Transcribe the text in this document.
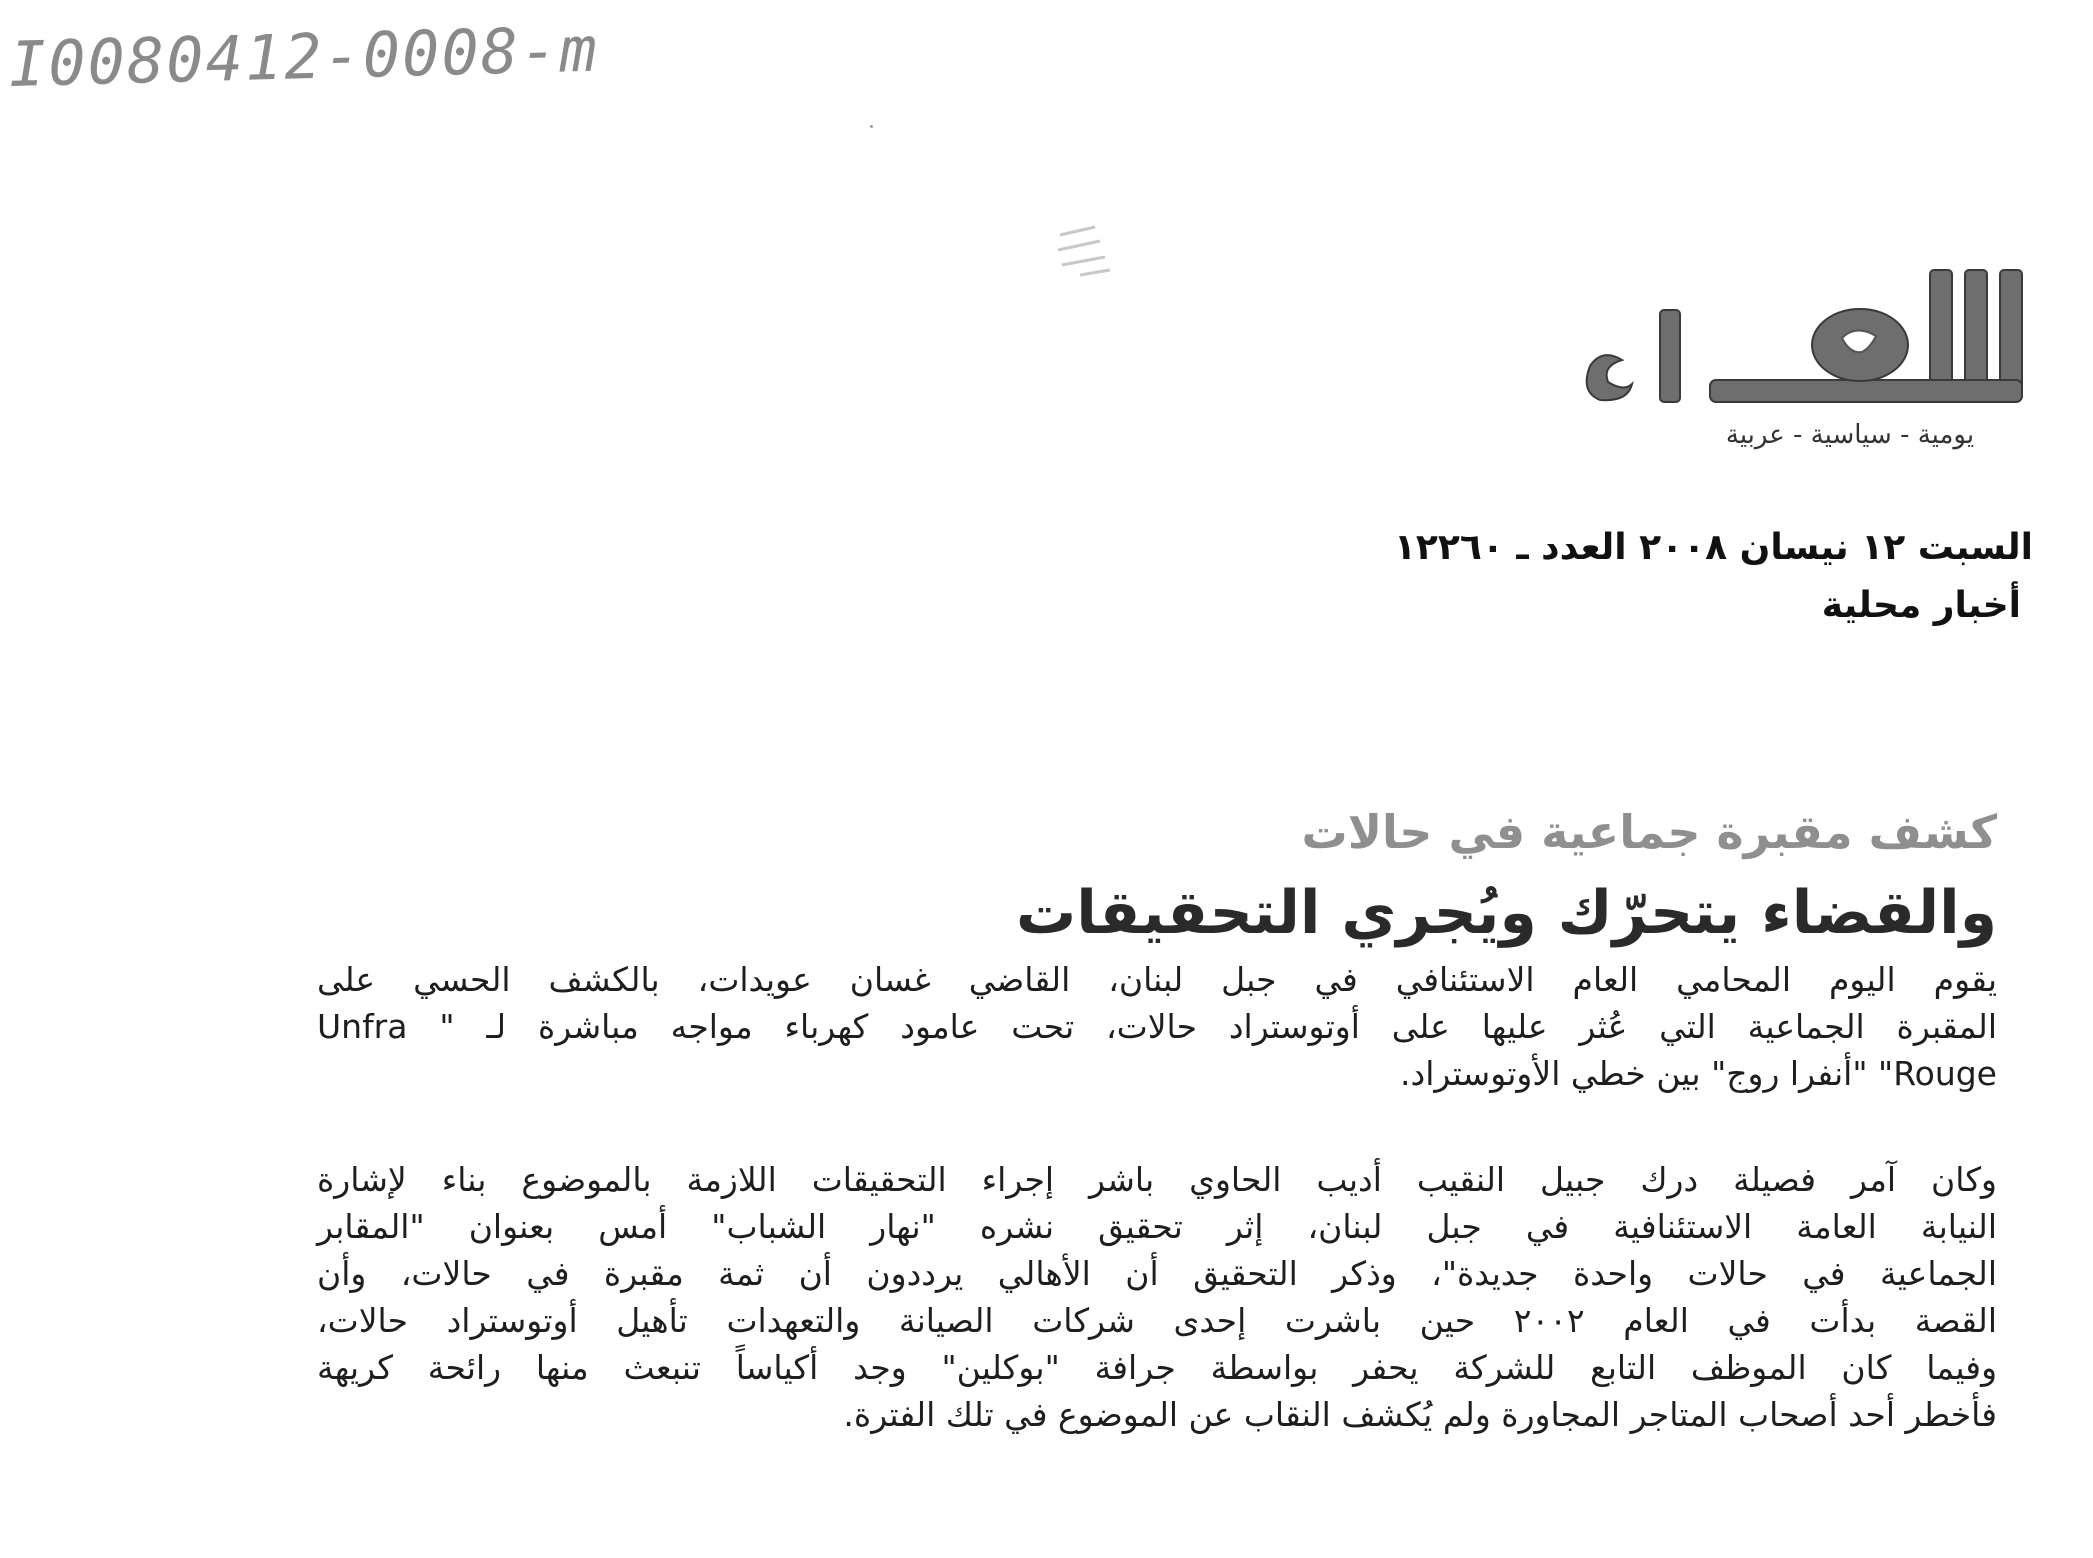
I0080412-0008-m
يومية - سياسية - عربية
السبت ١٢ نيسان ٢٠٠٨ العدد ـ ١٢٢٦٠
أخبار محلية
كشف مقبرة جماعية في حالات
والقضاء يتحرّك ويُجري التحقيقات
يقوم اليوم المحامي العام الاستئنافي في جبل لبنان، القاضي غسان عويدات، بالكشف الحسي على
المقبرة الجماعية التي عُثر عليها على أوتوستراد حالات، تحت عامود كهرباء مواجه مباشرة لـ " Unfra
Rouge" "أنفرا روج" بين خطي الأوتوستراد.
وكان آمر فصيلة درك جبيل النقيب أديب الحاوي باشر إجراء التحقيقات اللازمة بالموضوع بناء لإشارة
النيابة العامة الاستئنافية في جبل لبنان، إثر تحقيق نشره "نهار الشباب" أمس بعنوان "المقابر
الجماعية في حالات واحدة جديدة"، وذكر التحقيق أن الأهالي يرددون أن ثمة مقبرة في حالات، وأن
القصة بدأت في العام ٢٠٠٢ حين باشرت إحدى شركات الصيانة والتعهدات تأهيل أوتوستراد حالات،
وفيما كان الموظف التابع للشركة يحفر بواسطة جرافة "بوكلين" وجد أكياساً تنبعث منها رائحة كريهة
فأخطر أحد أصحاب المتاجر المجاورة ولم يُكشف النقاب عن الموضوع في تلك الفترة.
